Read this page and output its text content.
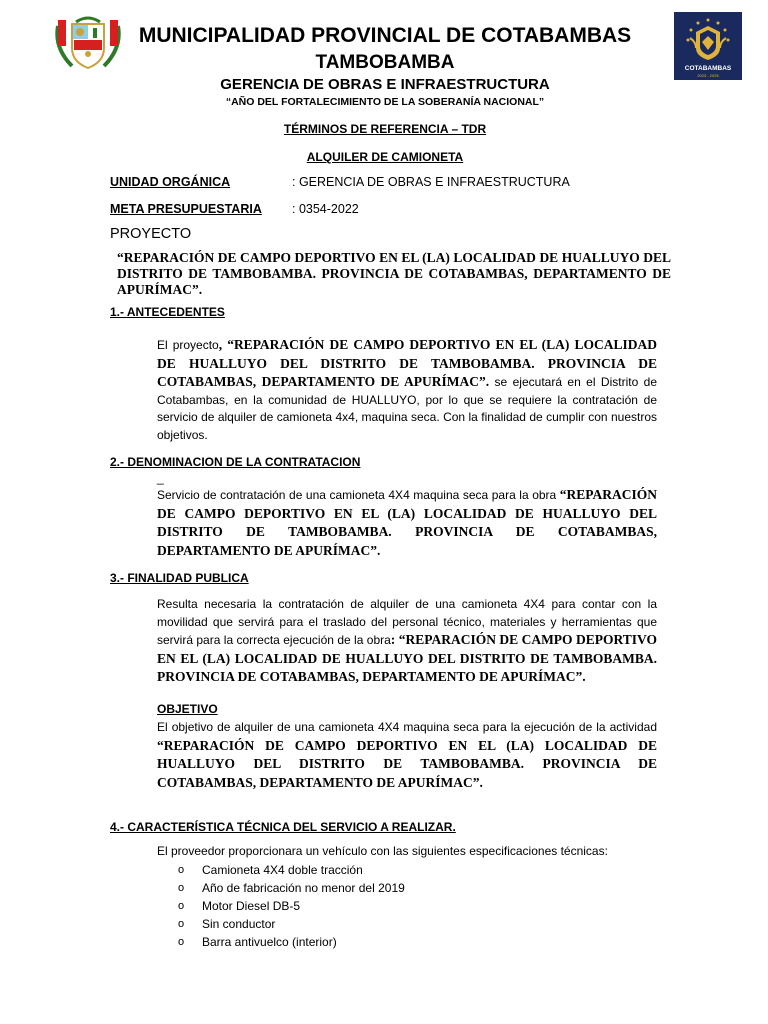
COTABAMBAS
2023 - 2026
MUNICIPALIDAD PROVINCIAL DE COTABAMBAS
TAMBOBAMBA
GERENCIA DE OBRAS E INFRAESTRUCTURA
“AÑO DEL FORTALECIMIENTO DE LA SOBERANÍA NACIONAL”
TÉRMINOS DE REFERENCIA – TDR
ALQUILER DE CAMIONETA
UNIDAD ORGÁNICA	: GERENCIA DE OBRAS E INFRAESTRUCTURA
META PRESUPUESTARIA : 0354-2022
PROYECTO
“REPARACIÓN DE CAMPO DEPORTIVO EN EL (LA) LOCALIDAD DE HUALLUYO DEL DISTRITO DE TAMBOBAMBA. PROVINCIA DE COTABAMBAS, DEPARTAMENTO DE APURÍMAC”.
1.- ANTECEDENTES
El proyecto, “REPARACIÓN DE CAMPO DEPORTIVO EN EL (LA) LOCALIDAD DE HUALLUYO DEL DISTRITO DE TAMBOBAMBA. PROVINCIA DE COTABAMBAS, DEPARTAMENTO DE APURÍMAC”. se ejecutará en el Distrito de Cotabambas, en la comunidad de HUALLUYO, por lo que se requiere la contratación de servicio de alquiler de camioneta 4x4, maquina seca. Con la finalidad de cumplir con nuestros objetivos.
2.- DENOMINACION DE LA CONTRATACION
_
Servicio de contratación de una camioneta 4X4 maquina seca para la obra “REPARACIÓN DE CAMPO DEPORTIVO EN EL (LA) LOCALIDAD DE HUALLUYO DEL DISTRITO DE TAMBOBAMBA. PROVINCIA DE COTABAMBAS, DEPARTAMENTO DE APURÍMAC”.
3.- FINALIDAD PUBLICA
Resulta necesaria la contratación de alquiler de una camioneta 4X4 para contar con la movilidad que servirá para el traslado del personal técnico, materiales y herramientas que servirá para la correcta ejecución de la obra: “REPARACIÓN DE CAMPO DEPORTIVO EN EL (LA) LOCALIDAD DE HUALLUYO DEL DISTRITO DE TAMBOBAMBA. PROVINCIA DE COTABAMBAS, DEPARTAMENTO DE APURÍMAC”.
OBJETIVO
El objetivo de alquiler de una camioneta 4X4 maquina seca para la ejecución de la actividad “REPARACIÓN DE CAMPO DEPORTIVO EN EL (LA) LOCALIDAD DE HUALLUYO DEL DISTRITO DE TAMBOBAMBA. PROVINCIA DE COTABAMBAS, DEPARTAMENTO DE APURÍMAC”.
4.- CARACTERÍSTICA TÉCNICA DEL SERVICIO A REALIZAR.
El proveedor proporcionara un vehículo con las siguientes especificaciones técnicas:
o	Camioneta 4X4 doble tracción
o	Año de fabricación no menor del 2019
o	Motor Diesel DB-5
o	Sin conductor
o	Barra antivuelco (interior)
